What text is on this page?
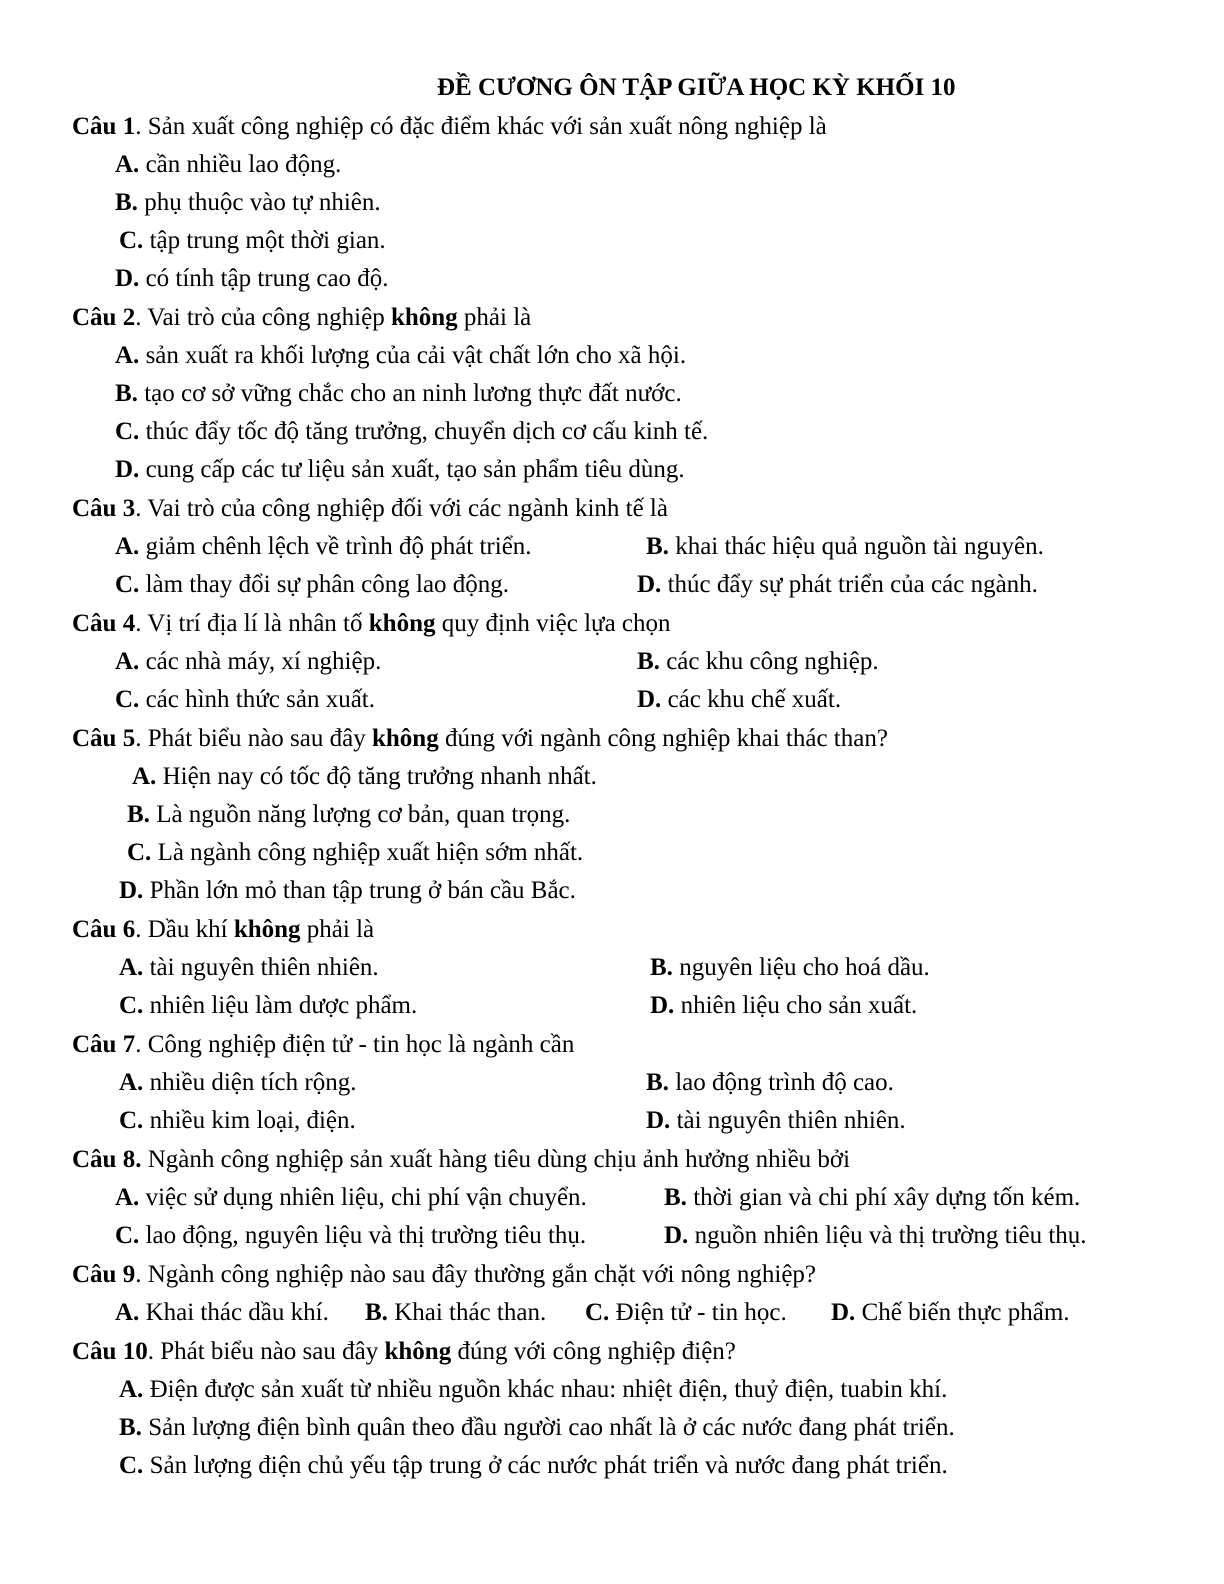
ĐỀ CƯƠNG ÔN TẬP GIỮA HỌC KỲ KHỐI 10
Câu 1. Sản xuất công nghiệp có đặc điểm khác với sản xuất nông nghiệp là
A. cần nhiều lao động.
B. phụ thuộc vào tự nhiên.
C. tập trung một thời gian.
D. có tính tập trung cao độ.
Câu 2. Vai trò của công nghiệp không phải là
A. sản xuất ra khối lượng của cải vật chất lớn cho xã hội.
B. tạo cơ sở vững chắc cho an ninh lương thực đất nước.
C. thúc đẩy tốc độ tăng trưởng, chuyển dịch cơ cấu kinh tế.
D. cung cấp các tư liệu sản xuất, tạo sản phẩm tiêu dùng.
Câu 3. Vai trò của công nghiệp đối với các ngành kinh tế là
A. giảm chênh lệch về trình độ phát triển.	B. khai thác hiệu quả nguồn tài nguyên.
C. làm thay đổi sự phân công lao động.	D. thúc đẩy sự phát triển của các ngành.
Câu 4. Vị trí địa lí là nhân tố không quy định việc lựa chọn
A. các nhà máy, xí nghiệp.	B. các khu công nghiệp.
C. các hình thức sản xuất.	D. các khu chế xuất.
Câu 5. Phát biểu nào sau đây không đúng với ngành công nghiệp khai thác than?
A. Hiện nay có tốc độ tăng trưởng nhanh nhất.
B. Là nguồn năng lượng cơ bản, quan trọng.
C. Là ngành công nghiệp xuất hiện sớm nhất.
D. Phần lớn mỏ than tập trung ở bán cầu Bắc.
Câu 6. Dầu khí không phải là
A. tài nguyên thiên nhiên.	B. nguyên liệu cho hoá dầu.
C. nhiên liệu làm dược phẩm.	D. nhiên liệu cho sản xuất.
Câu 7. Công nghiệp điện tử - tin học là ngành cần
A. nhiều diện tích rộng.	B. lao động trình độ cao.
C. nhiều kim loại, điện.	D. tài nguyên thiên nhiên.
Câu 8. Ngành công nghiệp sản xuất hàng tiêu dùng chịu ảnh hưởng nhiều bởi
A. việc sử dụng nhiên liệu, chi phí vận chuyển.	B. thời gian và chi phí xây dựng tốn kém.
C. lao động, nguyên liệu và thị trường tiêu thụ.	D. nguồn nhiên liệu và thị trường tiêu thụ.
Câu 9. Ngành công nghiệp nào sau đây thường gắn chặt với nông nghiệp?
A. Khai thác dầu khí. B. Khai thác than. C. Điện tử - tin học. D. Chế biến thực phẩm.
Câu 10. Phát biểu nào sau đây không đúng với công nghiệp điện?
A. Điện được sản xuất từ nhiều nguồn khác nhau: nhiệt điện, thuỷ điện, tuabin khí.
B. Sản lượng điện bình quân theo đầu người cao nhất là ở các nước đang phát triển.
C. Sản lượng điện chủ yếu tập trung ở các nước phát triển và nước đang phát triển.
